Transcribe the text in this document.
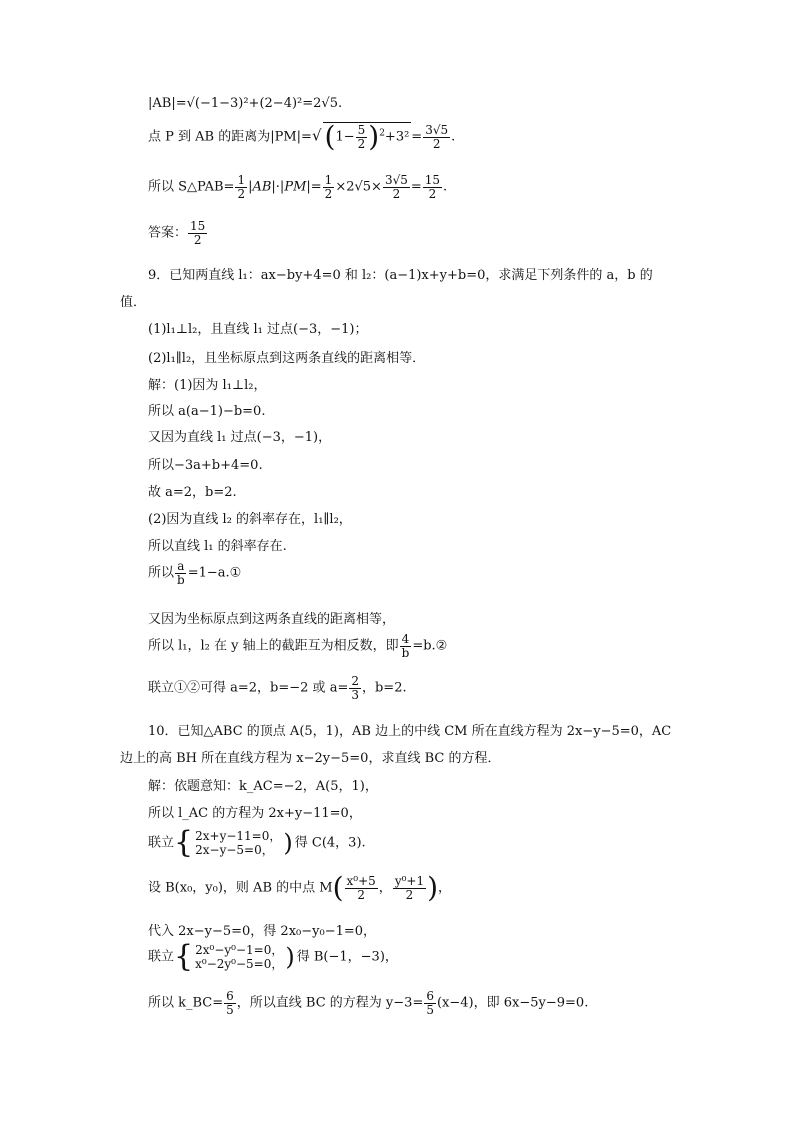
|AB|=√(−1−3)²+(2−4)²=2√5.
点 P 到 AB 的距离为|PM|=√ $(1- \frac{5}{2} )^2+3^2 = \frac{3√5}{2}$ .
所以 S△PAB= $\frac{1}{2} |AB|\cdot|PM|= \frac{1}{2} \times 2√5\times \frac{3√5}{2} = \frac{15}{2}$ .
答案： $\frac{15}{2}$
9．已知两直线 l₁：ax−by+4=0 和 l₂：(a−1)x+y+b=0，求满足下列条件的 a，b 的
值．
(1)l₁⊥l₂，且直线 l₁ 过点(−3，−1)；
(2)l₁∥l₂，且坐标原点到这两条直线的距离相等．
解：(1)因为 l₁⊥l₂，
所以 a(a−1)−b=0.
又因为直线 l₁ 过点(−3，−1)，
所以−3a+b+4=0.
故 a=2，b=2.
(2)因为直线 l₂ 的斜率存在，l₁∥l₂，
所以直线 l₁ 的斜率存在.
所以 $\frac{a}{b}$ =1−a.①
又因为坐标原点到这两条直线的距离相等，
所以 l₁，l₂ 在 y 轴上的截距互为相反数，即 $\frac{4}{b}$ =b.②
联立①②可得 a=2，b=−2 或 $a= \frac{2}{3}$ ，b=2.
10．已知△ABC 的顶点 A(5，1)，AB 边上的中线 CM 所在直线方程为 2x−y−5=0，AC
边上的高 BH 所在直线方程为 x−2y−5=0，求直线 BC 的方程．
解：依题意知：k_AC=−2，A(5，1)，
所以 l_AC 的方程为 2x+y−11=0，
联立 { 2x+y−11=0，
2x−y−5=0， ) 得 C(4，3).
设 B(x₀，y₀)，则 AB 的中点 $M( \frac{\text{x⁰+5}}{2}$ ， $\frac{\text{y⁰+1}}{2}$ )，
代入 2x−y−5=0，得 2x₀−y₀−1=0，
联立 { 2x⁰−y⁰−1=0，
x⁰−2y⁰−5=0， ) 得 B(−1，−3)，
所以 k_BC= $\frac{6}{5}$ ，所以直线 BC 的方程为 $y-3= \frac{6}{5} (x-4)$，即 6x−5y−9=0.
